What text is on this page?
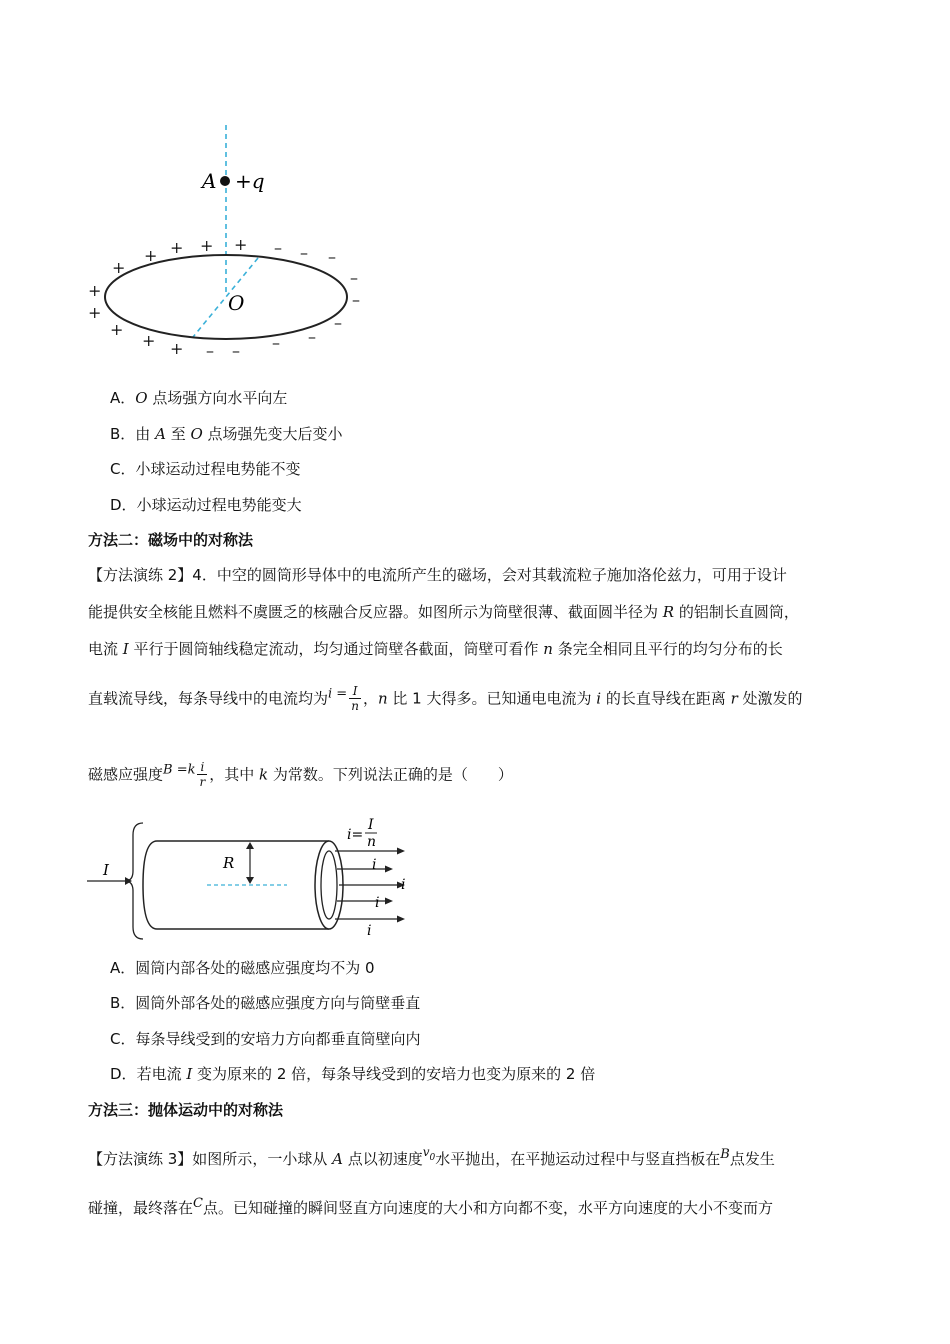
A +q
O
+
+
+
+
+
+
+
+
+ + – – –
–
–
–
–
–
– –
A．O 点场强方向水平向左
B．由 A 至 O 点场强先变大后变小
C．小球运动过程电势能不变
D．小球运动过程电势能变大
方法二：磁场中的对称法
【方法演练 2】4．中空的圆筒形导体中的电流所产生的磁场，会对其载流粒子施加洛伦兹力，可用于设计
能提供安全核能且燃料不虞匮乏的核融合反应器。如图所示为筒壁很薄、截面圆半径为 R 的铝制长直圆筒，
电流 I 平行于圆筒轴线稳定流动，均匀通过筒壁各截面，筒壁可看作 n 条完全相同且平行的均匀分布的长
直载流导线，每条导线中的电流均为$i = \frac{I}{n}$ ，n 比 1 大得多。已知通电电流为 i 的长直导线在距离 r 处激发的
磁感应强度$B =k \frac{i}{r}$ ，其中 k 为常数。下列说法正确的是（　　）
I	R	i
i
i
i
i=
I
n
A．圆筒内部各处的磁感应强度均不为 0
B．圆筒外部各处的磁感应强度方向与筒壁垂直
C．每条导线受到的安培力方向都垂直筒壁向内
D．若电流 I 变为原来的 2 倍，每条导线受到的安培力也变为原来的 2 倍
方法三：抛体运动中的对称法
【方法演练 3】如图所示，一小球从 A 点以初速度$^{v0}$水平抛出，在平抛运动过程中与竖直挡板在B点发生
碰撞，最终落在C点。已知碰撞的瞬间竖直方向速度的大小和方向都不变，水平方向速度的大小不变而方
